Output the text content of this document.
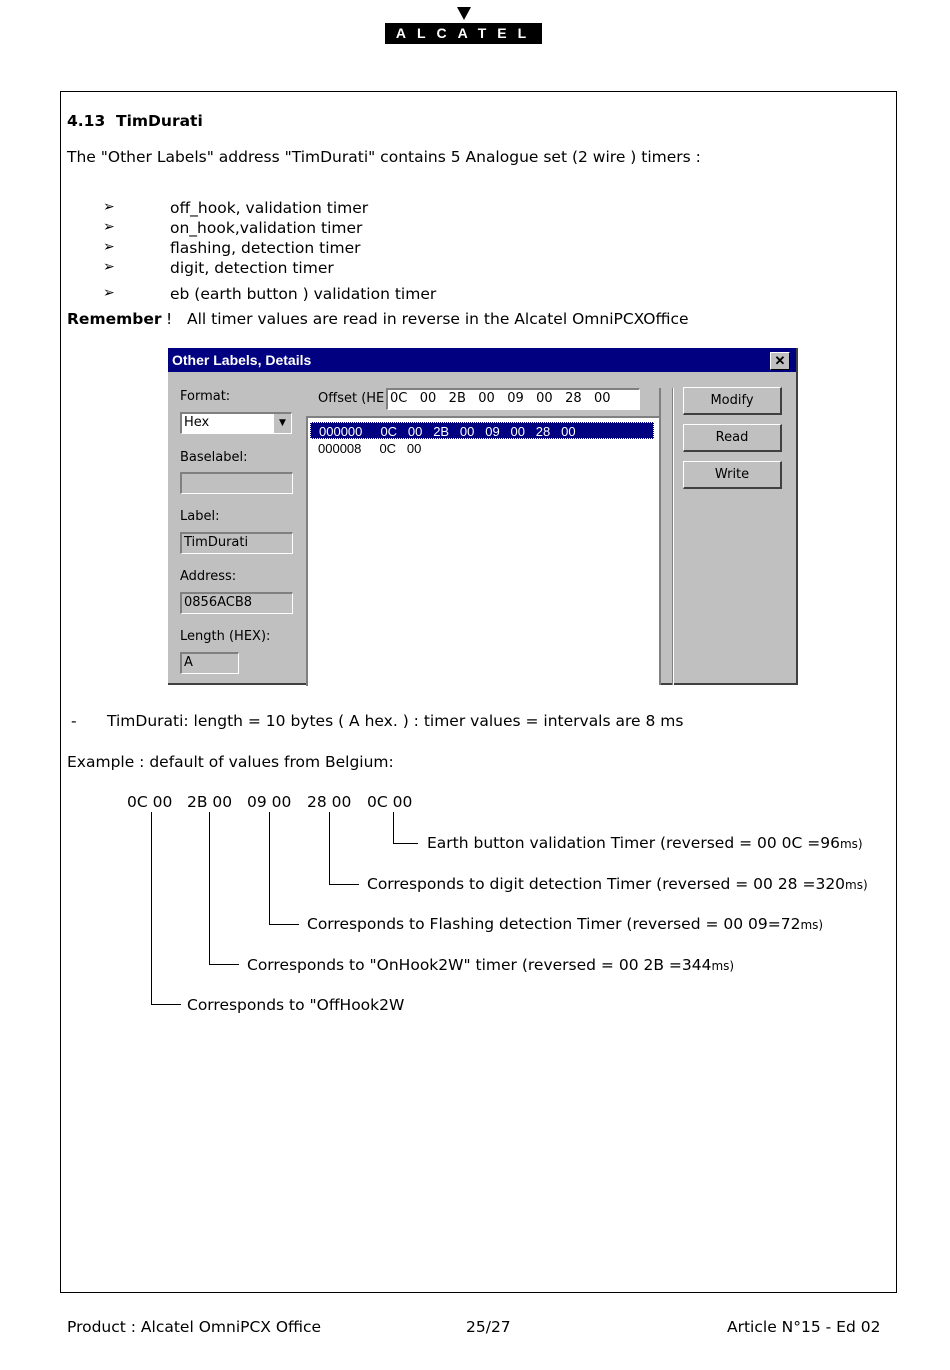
ALCATEL
4.13 TimDurati
The "Other Labels" address "TimDurati" contains 5 Analogue set (2 wire ) timers :
➢	off_hook, validation timer
➢	on_hook,validation timer
➢	flashing, detection timer
➢	digit, detection timer
➢	eb (earth button ) validation timer
Remember ! All timer values are read in reverse in the Alcatel OmniPCXOffice
Other Labels, Details	✕
Format:
Hex	▼
Baselabel:
Label:
TimDurati
Address:
0856ACB8
Length (HEX):
A
Offset (HE 0C   00   2B   00   09   00   28   00
000000     0C   00   2B   00   09   00   28   00
000008     0C   00
Modify
Read
Write
- TimDurati: length = 10 bytes ( A hex. ) : timer values = intervals are 8 ms
Example : default of values from Belgium:
0C 00 2B 00 09 00 28 00 0C 00
Earth button validation Timer (reversed = 00 0C =96ms)
Corresponds to digit detection Timer (reversed = 00 28 =320ms)
Corresponds to Flashing detection Timer (reversed = 00 09=72ms)
Corresponds to "OnHook2W" timer (reversed = 00 2B =344ms)
Corresponds to "OffHook2W
Product : Alcatel OmniPCX Office	25/27	Article N°15 - Ed 02
